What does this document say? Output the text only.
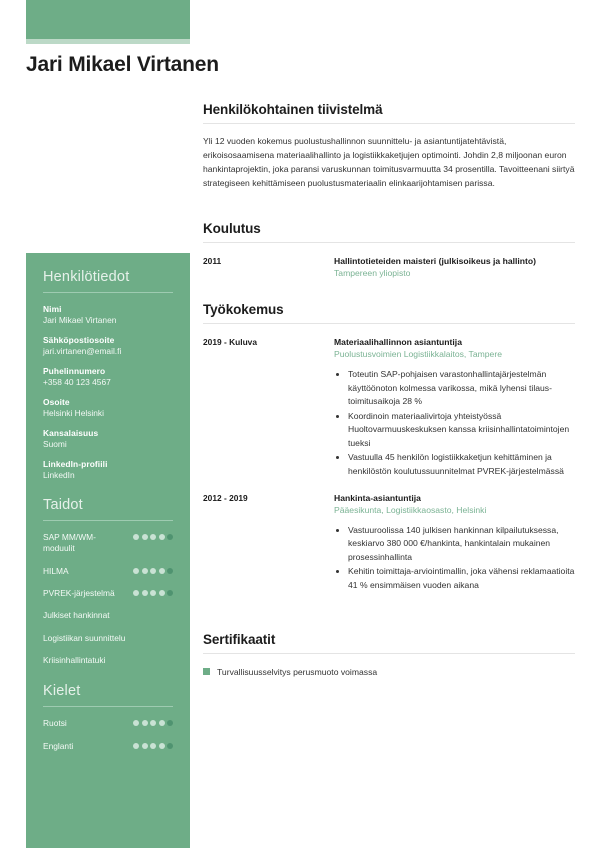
Jari Mikael Virtanen
Henkilötiedot
Nimi
Jari Mikael Virtanen
Sähköpostiosoite
jari.virtanen@email.fi
Puhelinnumero
+358 40 123 4567
Osoite
Helsinki Helsinki
Kansalaisuus
Suomi
LinkedIn-profiili
LinkedIn
Taidot
SAP MM/WM-moduulit
HILMA
PVREK-järjestelmä
Julkiset hankinnat
Logistiikan suunnittelu
Kriisinhallintatuki
Kielet
Ruotsi
Englanti
Henkilökohtainen tiivistelmä

Yli 12 vuoden kokemus puolustushallinnon suunnittelu- ja asiantuntijatehtävistä, erikoisosaamisena materiaalihallinto ja logistiikkaketjujen optimointi. Johdin 2,8 miljoonan euron hankintaprojektin, joka paransi varuskunnan toimitusvarmuutta 34 prosentilla. Tavoitteenani siirtyä strategiseen kehittämiseen puolustusmateriaalin elinkaarijohtamisen parissa.

Koulutus
2011	Hallintotieteiden maisteri (julkisoikeus ja hallinto)
Tampereen yliopisto
Työkokemus
2019 - Kuluva	Materiaalihallinnon asiantuntija
Puolustusvoimien Logistiikkalaitos, Tampere
• Toteutin SAP-pohjaisen varastonhallintajärjestelmän käyttöönoton kolmessa varikossa, mikä lyhensi tilaus-toimitusaikoja 28 %
• Koordinoin materiaalivirtoja yhteistyössä Huoltovarmuuskeskuksen kanssa kriisinhallintatoimintojen tueksi
• Vastuulla 45 henkilön logistiikkaketjun kehittäminen ja henkilöstön koulutussuunnitelmat PVREK-järjestelmässä
2012 - 2019	Hankinta-asiantuntija
Pääesikunta, Logistiikkaosasto, Helsinki
• Vastuuroolissa 140 julkisen hankinnan kilpailutuksessa, keskiarvo 380 000 €/hankinta, hankintalain mukainen prosessinhallinta
• Kehitin toimittaja-arviointimallin, joka vähensi reklamaatioita 41 % ensimmäisen vuoden aikana
Sertifikaatit
Turvallisuusselvitys perusmuoto voimassa
